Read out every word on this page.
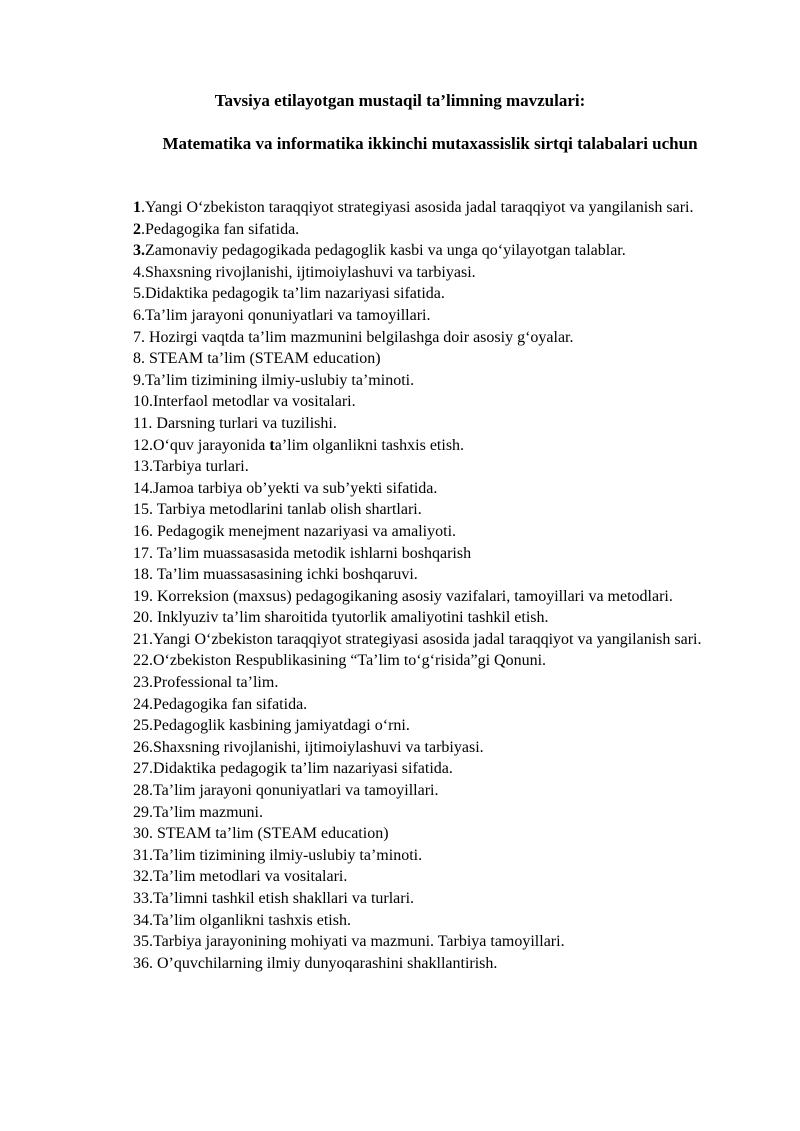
Tavsiya etilayotgan mustaqil ta’limning mavzulari:

Matematika va informatika ikkinchi mutaxassislik sirtqi talabalari uchun

1.Yangi O‘zbekiston taraqqiyot strategiyasi asosida jadal taraqqiyot va yangilanish sari.

2.Pedagogika fan sifatida.

3.Zamonaviy pedagogikada pedagoglik kasbi va unga qo‘yilayotgan talablar.

4.Shaxsning rivojlanishi, ijtimoiylashuvi va tarbiyasi.

5.Didaktika pedagogik ta’lim nazariyasi sifatida.

6.Ta’lim jarayoni qonuniyatlari va tamoyillari.

7. Hozirgi vaqtda ta’lim mazmunini belgilashga doir asosiy g‘oyalar.

8. STEAM ta’lim (STEAM education)

9.Ta’lim tizimining ilmiy-uslubiy ta’minoti.

10.Interfaol metodlar va vositalari.

11. Darsning turlari va tuzilishi.

12.O‘quv jarayonida ta’lim olganlikni tashxis etish.

13.Tarbiya turlari.

14.Jamoa tarbiya ob’yekti va sub’yekti sifatida.

15. Tarbiya metodlarini tanlab olish shartlari.

16. Pedagogik menejment nazariyasi va amaliyoti.

17. Ta’lim muassasasida metodik ishlarni boshqarish

18. Ta’lim muassasasining ichki boshqaruvi.

19. Korreksion (maxsus) pedagogikaning asosiy vazifalari, tamoyillari va metodlari.

20. Inklyuziv ta’lim sharoitida tyutorlik amaliyotini tashkil etish.

21.Yangi O‘zbekiston taraqqiyot strategiyasi asosida jadal taraqqiyot va yangilanish sari.

22.O‘zbekiston Respublikasining “Ta’lim to‘g‘risida”gi Qonuni.

23.Professional ta’lim.

24.Pedagogika fan sifatida.

25.Pedagoglik kasbining jamiyatdagi o‘rni.

26.Shaxsning rivojlanishi, ijtimoiylashuvi va tarbiyasi.

27.Didaktika pedagogik ta’lim nazariyasi sifatida.

28.Ta’lim jarayoni qonuniyatlari va tamoyillari.

29.Ta’lim mazmuni.

30. STEAM ta’lim (STEAM education)

31.Ta’lim tizimining ilmiy-uslubiy ta’minoti.

32.Ta’lim metodlari va vositalari.

33.Ta’limni tashkil etish shakllari va turlari.

34.Ta’lim olganlikni tashxis etish.

35.Tarbiya jarayonining mohiyati va mazmuni. Tarbiya tamoyillari.

36. O’quvchilarning ilmiy dunyoqarashini shakllantirish.
